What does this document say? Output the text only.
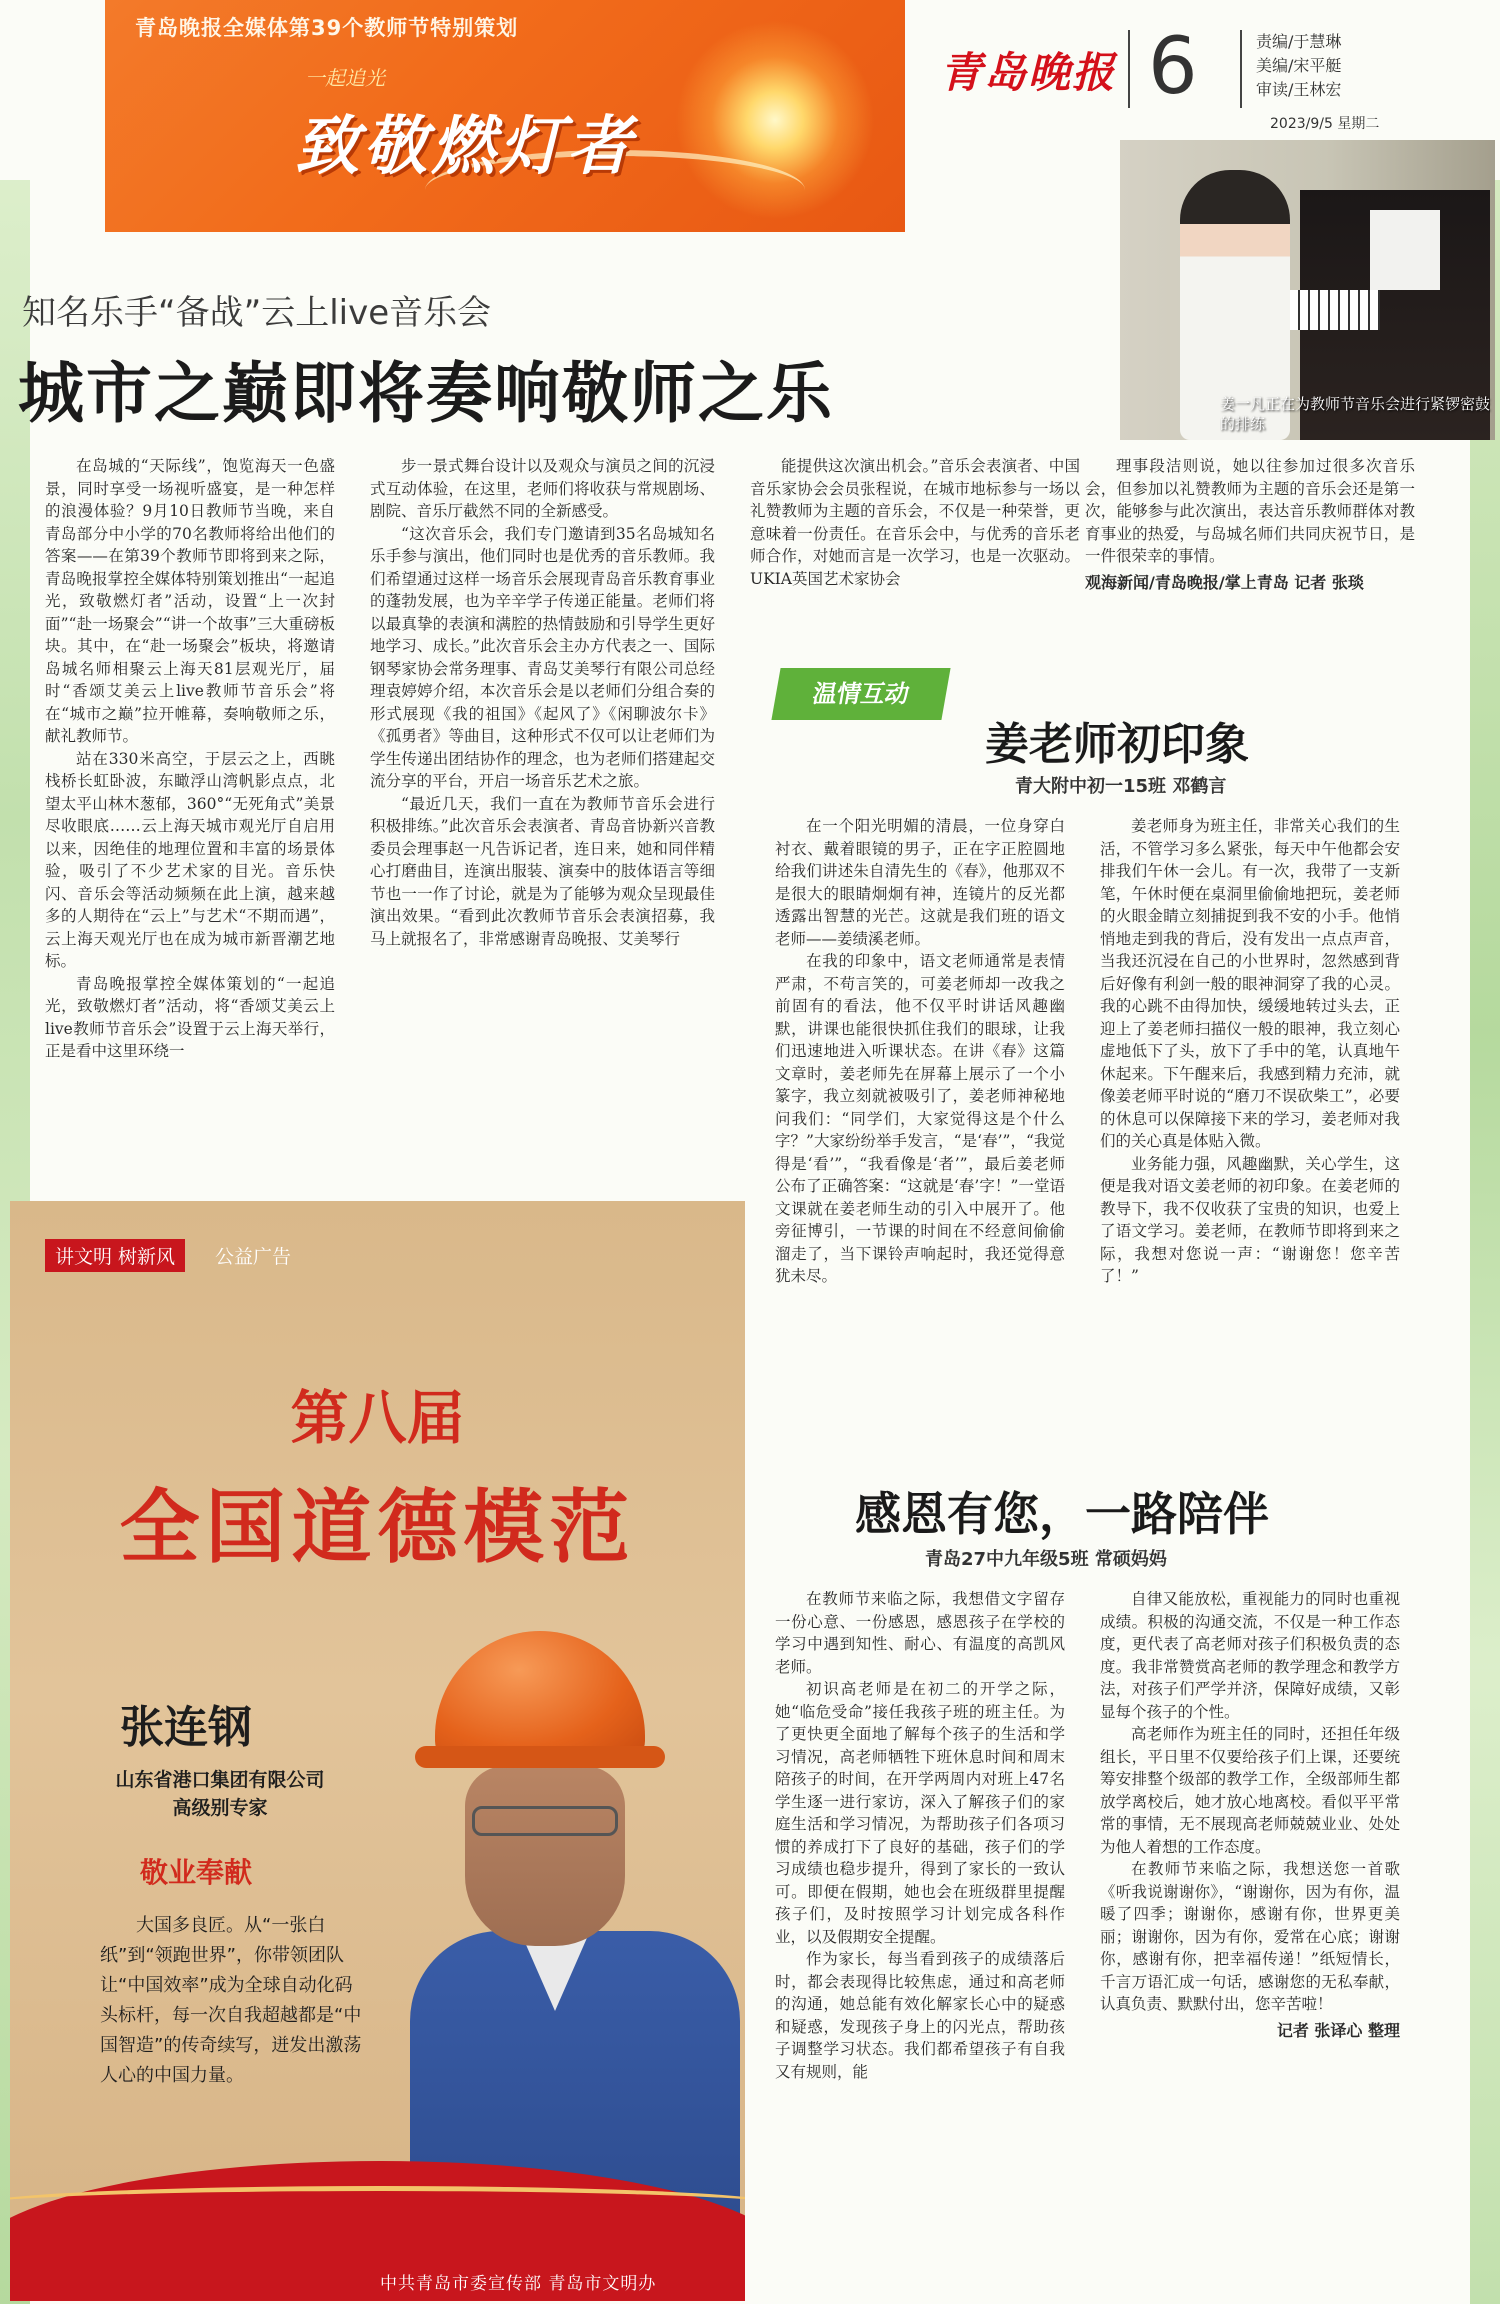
青岛晚报全媒体第39个教师节特别策划
一起追光
致敬燃灯者
青岛晚报 6	责编/于慧琳
美编/宋平艇
审读/王林宏
2023/9/5 星期二
姜一凡正在为教师节音乐会进行紧锣密鼓的排练
知名乐手“备战”云上live音乐会
城市之巅即将奏响敬师之乐

在岛城的“天际线”，饱览海天一色盛景，同时享受一场视听盛宴，是一种怎样的浪漫体验？9月10日教师节当晚，来自青岛部分中小学的70名教师将给出他们的答案——在第39个教师节即将到来之际，青岛晚报掌控全媒体特别策划推出“一起追光，致敬燃灯者”活动，设置“上一次封面”“赴一场聚会”“讲一个故事”三大重磅板块。其中，在“赴一场聚会”板块，将邀请岛城名师相聚云上海天81层观光厅，届时“香颂艾美云上live教师节音乐会”将在“城市之巅”拉开帷幕，奏响敬师之乐，献礼教师节。

站在330米高空，于层云之上，西眺栈桥长虹卧波，东瞰浮山湾帆影点点，北望太平山林木葱郁，360°“无死角式”美景尽收眼底……云上海天城市观光厅自启用以来，因绝佳的地理位置和丰富的场景体验，吸引了不少艺术家的目光。音乐快闪、音乐会等活动频频在此上演，越来越多的人期待在“云上”与艺术“不期而遇”，云上海天观光厅也在成为城市新晋潮艺地标。

青岛晚报掌控全媒体策划的“一起追光，致敬燃灯者”活动，将“香颂艾美云上live教师节音乐会”设置于云上海天举行，正是看中这里环绕一

步一景式舞台设计以及观众与演员之间的沉浸式互动体验，在这里，老师们将收获与常规剧场、剧院、音乐厅截然不同的全新感受。

“这次音乐会，我们专门邀请到35名岛城知名乐手参与演出，他们同时也是优秀的音乐教师。我们希望通过这样一场音乐会展现青岛音乐教育事业的蓬勃发展，也为辛辛学子传递正能量。老师们将以最真挚的表演和满腔的热情鼓励和引导学生更好地学习、成长。”此次音乐会主办方代表之一、国际钢琴家协会常务理事、青岛艾美琴行有限公司总经理袁婷婷介绍，本次音乐会是以老师们分组合奏的形式展现《我的祖国》《起风了》《闲聊波尔卡》《孤勇者》等曲目，这种形式不仅可以让老师们为学生传递出团结协作的理念，也为老师们搭建起交流分享的平台，开启一场音乐艺术之旅。

“最近几天，我们一直在为教师节音乐会进行积极排练。”此次音乐会表演者、青岛音协新兴音教委员会理事赵一凡告诉记者，连日来，她和同伴精心打磨曲目，连演出服装、演奏中的肢体语言等细节也一一作了讨论，就是为了能够为观众呈现最佳演出效果。“看到此次教师节音乐会表演招募，我马上就报名了，非常感谢青岛晚报、艾美琴行

能提供这次演出机会。”音乐会表演者、中国音乐家协会会员张程说，在城市地标参与一场以礼赞教师为主题的音乐会，不仅是一种荣誉，更意味着一份责任。在音乐会中，与优秀的音乐老师合作，对她而言是一次学习，也是一次驱动。UKIA英国艺术家协会

理事段洁则说，她以往参加过很多次音乐会，但参加以礼赞教师为主题的音乐会还是第一次，能够参与此次演出，表达音乐教师群体对教育事业的热爱，与岛城名师们共同庆祝节日，是一件很荣幸的事情。

观海新闻/青岛晚报/掌上青岛 记者 张琰

温情互动
姜老师初印象
青大附中初一15班 邓鹤言

在一个阳光明媚的清晨，一位身穿白衬衣、戴着眼镜的男子，正在字正腔圆地给我们讲述朱自清先生的《春》，他那双不是很大的眼睛炯炯有神，连镜片的反光都透露出智慧的光芒。这就是我们班的语文老师——姜绩溪老师。

在我的印象中，语文老师通常是表情严肃，不苟言笑的，可姜老师却一改我之前固有的看法，他不仅平时讲话风趣幽默，讲课也能很快抓住我们的眼球，让我们迅速地进入听课状态。在讲《春》这篇文章时，姜老师先在屏幕上展示了一个小篆字，我立刻就被吸引了，姜老师神秘地问我们：“同学们，大家觉得这是个什么字？”大家纷纷举手发言，“是‘春’”，“我觉得是‘看’”，“我看像是‘者’”，最后姜老师公布了正确答案：“这就是‘春’字！”一堂语文课就在姜老师生动的引入中展开了。他旁征博引，一节课的时间在不经意间偷偷溜走了，当下课铃声响起时，我还觉得意犹未尽。

姜老师身为班主任，非常关心我们的生活，不管学习多么紧张，每天中午他都会安排我们午休一会儿。有一次，我带了一支新笔，午休时便在桌洞里偷偷地把玩，姜老师的火眼金睛立刻捕捉到我不安的小手。他悄悄地走到我的背后，没有发出一点点声音，当我还沉浸在自己的小世界时，忽然感到背后好像有利剑一般的眼神洞穿了我的心灵。我的心跳不由得加快，缓缓地转过头去，正迎上了姜老师扫描仪一般的眼神，我立刻心虚地低下了头，放下了手中的笔，认真地午休起来。下午醒来后，我感到精力充沛，就像姜老师平时说的“磨刀不误砍柴工”，必要的休息可以保障接下来的学习，姜老师对我们的关心真是体贴入微。

业务能力强，风趣幽默，关心学生，这便是我对语文姜老师的初印象。在姜老师的教导下，我不仅收获了宝贵的知识，也爱上了语文学习。姜老师，在教师节即将到来之际，我想对您说一声：“谢谢您！您辛苦了！”

感恩有您，一路陪伴
青岛27中九年级5班 常硕妈妈

在教师节来临之际，我想借文字留存一份心意、一份感恩，感恩孩子在学校的学习中遇到知性、耐心、有温度的高凯风老师。

初识高老师是在初二的开学之际，她“临危受命”接任我孩子班的班主任。为了更快更全面地了解每个孩子的生活和学习情况，高老师牺牲下班休息时间和周末陪孩子的时间，在开学两周内对班上47名学生逐一进行家访，深入了解孩子们的家庭生活和学习情况，为帮助孩子们各项习惯的养成打下了良好的基础，孩子们的学习成绩也稳步提升，得到了家长的一致认可。即便在假期，她也会在班级群里提醒孩子们，及时按照学习计划完成各科作业，以及假期安全提醒。

作为家长，每当看到孩子的成绩落后时，都会表现得比较焦虑，通过和高老师的沟通，她总能有效化解家长心中的疑惑和疑惑，发现孩子身上的闪光点，帮助孩子调整学习状态。我们都希望孩子有自我又有规则，能

自律又能放松，重视能力的同时也重视成绩。积极的沟通交流，不仅是一种工作态度，更代表了高老师对孩子们积极负责的态度。我非常赞赏高老师的教学理念和教学方法，对孩子们严学并济，保障好成绩，又彰显每个孩子的个性。

高老师作为班主任的同时，还担任年级组长，平日里不仅要给孩子们上课，还要统筹安排整个级部的教学工作，全级部师生都放学离校后，她才放心地离校。看似平平常常的事情，无不展现高老师兢兢业业、处处为他人着想的工作态度。

在教师节来临之际，我想送您一首歌《听我说谢谢你》，“谢谢你，因为有你，温暖了四季；谢谢你，感谢有你，世界更美丽；谢谢你，因为有你，爱常在心底；谢谢你，感谢有你，把幸福传递！”纸短情长，千言万语汇成一句话，感谢您的无私奉献，认真负责、默默付出，您辛苦啦！

记者 张译心 整理

讲文明 树新风	公益广告
第八届
全国道德模范
张连钢
山东省港口集团有限公司
高级别专家
敬业奉献
大国多良匠。从“一张白纸”到“领跑世界”，你带领团队让“中国效率”成为全球自动化码头标杆，每一次自我超越都是“中国智造”的传奇续写，迸发出激荡人心的中国力量。
中共青岛市委宣传部 青岛市文明办
